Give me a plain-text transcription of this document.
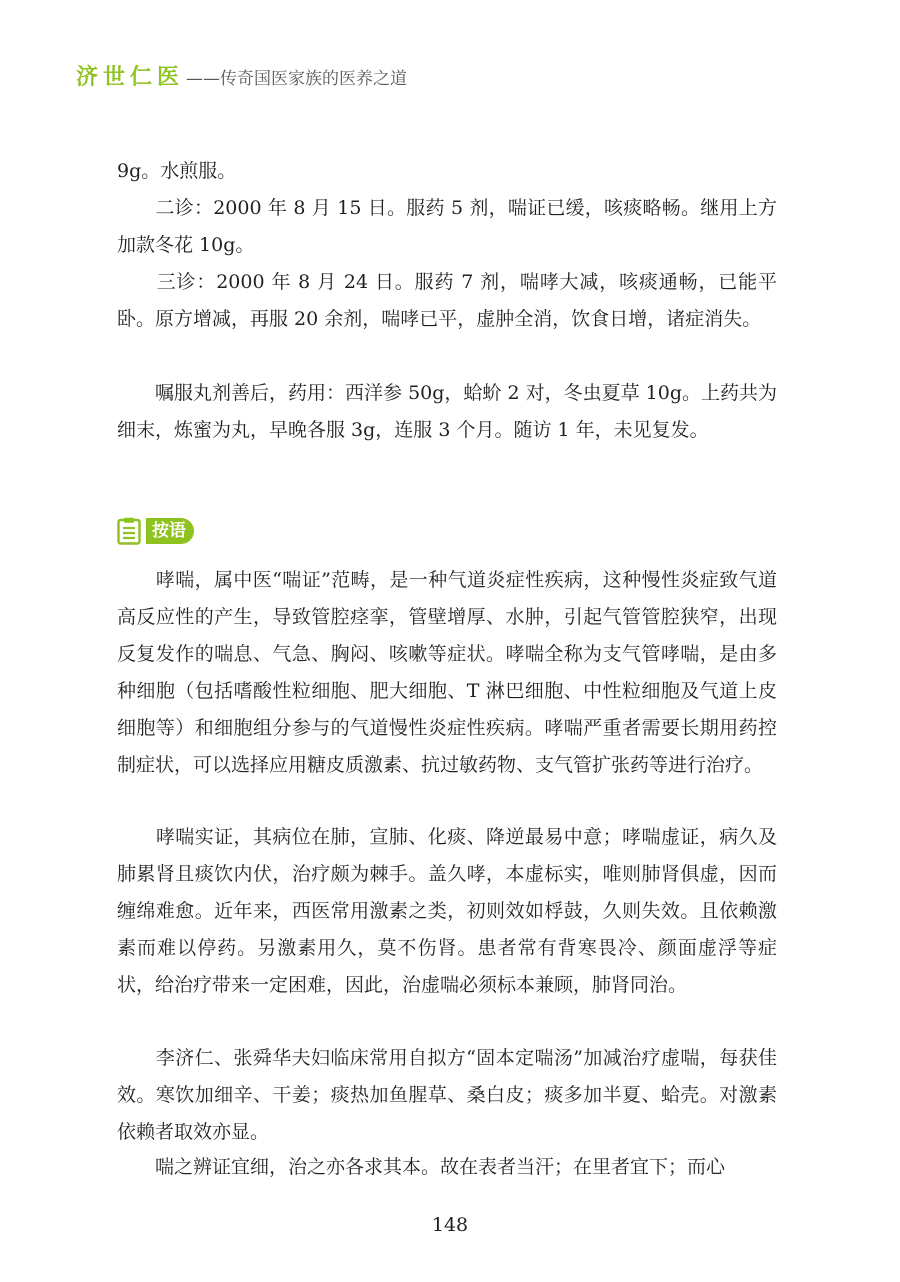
济世仁医 ——传奇国医家族的医养之道

9g。水煎服。

　　二诊：2000 年 8 月 15 日。服药 5 剂，喘证已缓，咳痰略畅。继用上方加款冬花 10g。

　　三诊：2000 年 8 月 24 日。服药 7 剂，喘哮大减，咳痰通畅，已能平卧。原方增减，再服 20 余剂，喘哮已平，虚肿全消，饮食日增，诸症消失。

　　嘱服丸剂善后，药用：西洋参 50g，蛤蚧 2 对，冬虫夏草 10g。上药共为细末，炼蜜为丸，早晚各服 3g，连服 3 个月。随访 1 年，未见复发。

按语

　　哮喘，属中医“喘证”范畴，是一种气道炎症性疾病，这种慢性炎症致气道高反应性的产生，导致管腔痉挛，管壁增厚、水肿，引起气管管腔狭窄，出现反复发作的喘息、气急、胸闷、咳嗽等症状。哮喘全称为支气管哮喘，是由多种细胞（包括嗜酸性粒细胞、肥大细胞、T 淋巴细胞、中性粒细胞及气道上皮细胞等）和细胞组分参与的气道慢性炎症性疾病。哮喘严重者需要长期用药控制症状，可以选择应用糖皮质激素、抗过敏药物、支气管扩张药等进行治疗。

　　哮喘实证，其病位在肺，宣肺、化痰、降逆最易中意；哮喘虚证，病久及肺累肾且痰饮内伏，治疗颇为棘手。盖久哮，本虚标实，唯则肺肾俱虚，因而缠绵难愈。近年来，西医常用激素之类，初则效如桴鼓，久则失效。且依赖激素而难以停药。另激素用久，莫不伤肾。患者常有背寒畏冷、颜面虚浮等症状，给治疗带来一定困难，因此，治虚喘必须标本兼顾，肺肾同治。

　　李济仁、张舜华夫妇临床常用自拟方“固本定喘汤”加减治疗虚喘，每获佳效。寒饮加细辛、干姜；痰热加鱼腥草、桑白皮；痰多加半夏、蛤壳。对激素依赖者取效亦显。

　　喘之辨证宜细，治之亦各求其本。故在表者当汗；在里者宜下；而心

148
